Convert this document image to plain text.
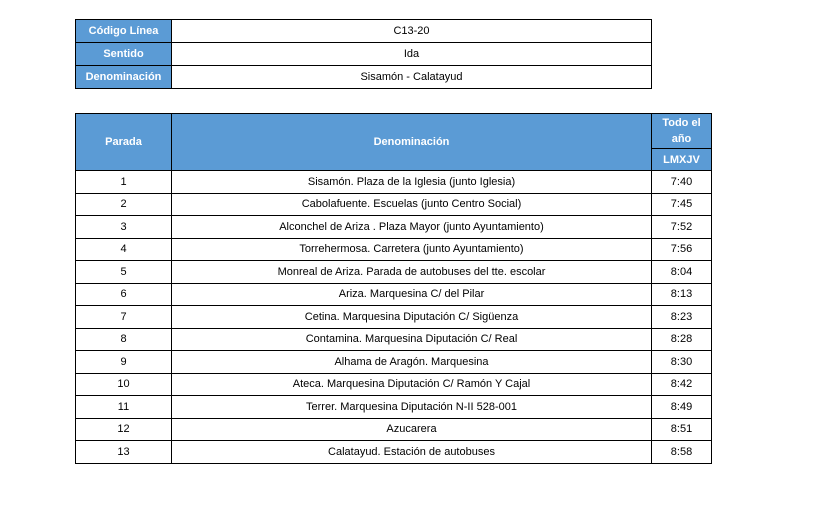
Código Línea	C13-20
Sentido	Ida
Denominación	Sisamón - Calatayud
Parada	Denominación	Todo el
año
		LMXJV
1	Sisamón. Plaza de la Iglesia (junto Iglesia)	7:40
2	Cabolafuente. Escuelas (junto Centro Social)	7:45
3	Alconchel de Ariza . Plaza Mayor (junto Ayuntamiento)	7:52
4	Torrehermosa. Carretera (junto Ayuntamiento)	7:56
5	Monreal de Ariza. Parada de autobuses del tte. escolar	8:04
6	Ariza. Marquesina C/ del Pilar	8:13
7	Cetina. Marquesina Diputación C/ Sigüenza	8:23
8	Contamina. Marquesina Diputación C/ Real	8:28
9	Alhama de Aragón. Marquesina	8:30
10	Ateca. Marquesina Diputación C/ Ramón Y Cajal	8:42
11	Terrer. Marquesina Diputación N-II 528-001	8:49
12	Azucarera	8:51
13	Calatayud. Estación de autobuses	8:58
